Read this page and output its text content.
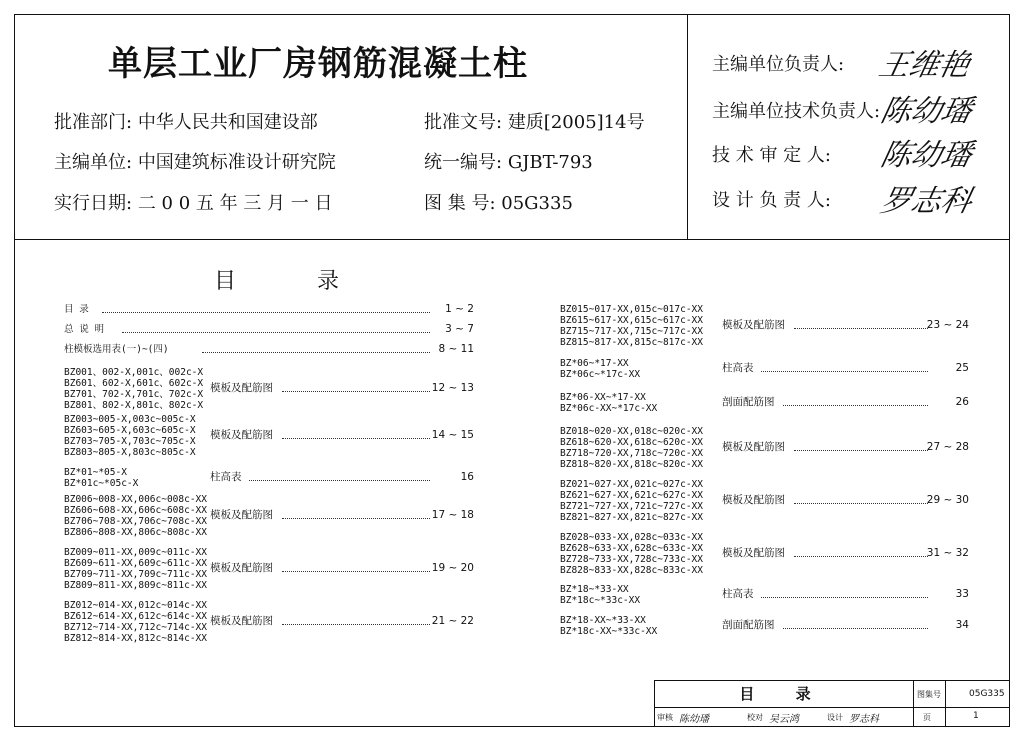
单层工业厂房钢筋混凝土柱
批准部门: 中华人民共和国建设部
主编单位: 中国建筑标准设计研究院
实行日期: 二 0 0 五 年 三 月 一 日
批准文号: 建质[2005]14号
统一编号: GJBT-793
图 集 号: 05G335
主编单位负责人: 王维艳
主编单位技术负责人:
陈幼璠
技 术 审 定 人: 陈幼璠
设 计 负 责 人: 罗志科
目	录
目 录	1 ~ 2
总 说 明	3 ~ 7
柱模板选用表(一)~(四)	8 ~ 11
BZ001、002-X,001c、002c-X
BZ601、602-X,601c、602c-X
BZ701、702-X,701c、702c-X
BZ801、802-X,801c、802c-X
模板及配筋图	12 ~ 13
BZ003~005-X,003c~005c-X
BZ603~605-X,603c~605c-X
BZ703~705-X,703c~705c-X
BZ803~805-X,803c~805c-X
模板及配筋图	14 ~ 15
BZ*01~*05-X
BZ*01c~*05c-X
柱高表	16
BZ006~008-XX,006c~008c-XX
BZ606~608-XX,606c~608c-XX
BZ706~708-XX,706c~708c-XX
BZ806~808-XX,806c~808c-XX
模板及配筋图	17 ~ 18
BZ009~011-XX,009c~011c-XX
BZ609~611-XX,609c~611c-XX
BZ709~711-XX,709c~711c-XX
BZ809~811-XX,809c~811c-XX
模板及配筋图	19 ~ 20
BZ012~014-XX,012c~014c-XX
BZ612~614-XX,612c~614c-XX
BZ712~714-XX,712c~714c-XX
BZ812~814-XX,812c~814c-XX
模板及配筋图	21 ~ 22
BZ015~017-XX,015c~017c-XX
BZ615~617-XX,615c~617c-XX
BZ715~717-XX,715c~717c-XX
BZ815~817-XX,815c~817c-XX
模板及配筋图	23 ~ 24
BZ*06~*17-XX
BZ*06c~*17c-XX
柱高表	25
BZ*06-XX~*17-XX
BZ*06c-XX~*17c-XX
剖面配筋图	26
BZ018~020-XX,018c~020c-XX
BZ618~620-XX,618c~620c-XX
BZ718~720-XX,718c~720c-XX
BZ818~820-XX,818c~820c-XX
模板及配筋图	27 ~ 28
BZ021~027-XX,021c~027c-XX
BZ621~627-XX,621c~627c-XX
BZ721~727-XX,721c~727c-XX
BZ821~827-XX,821c~827c-XX
模板及配筋图	29 ~ 30
BZ028~033-XX,028c~033c-XX
BZ628~633-XX,628c~633c-XX
BZ728~733-XX,728c~733c-XX
BZ828~833-XX,828c~833c-XX
模板及配筋图	31 ~ 32
BZ*18~*33-XX
BZ*18c~*33c-XX
柱高表	33
BZ*18-XX~*33-XX
BZ*18c-XX~*33c-XX
剖面配筋图	34
目 录	图集号	05G335
页	1
审核 陈幼璠	校对 吴云鸿	设计 罗志科
